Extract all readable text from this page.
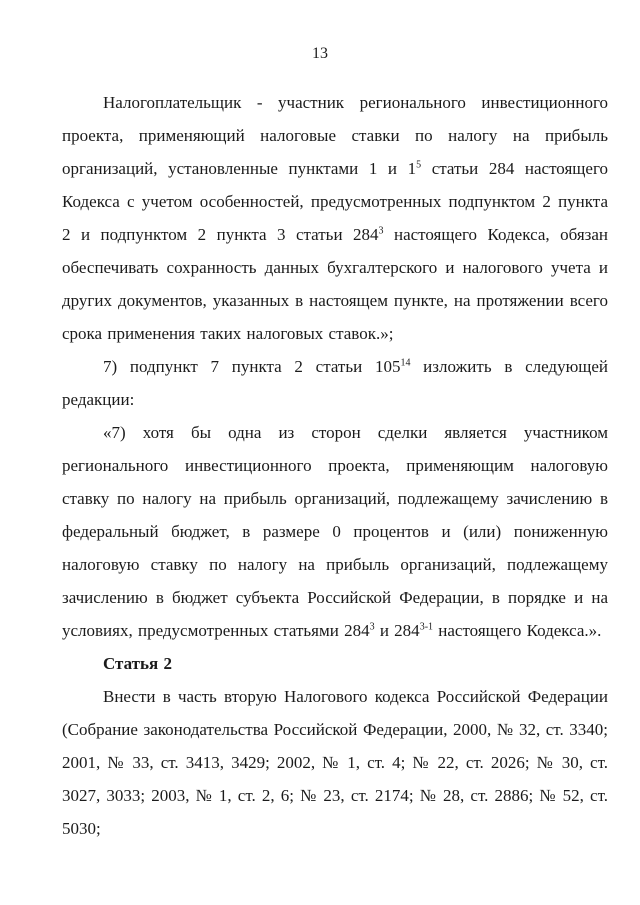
13

Налогоплательщик - участник регионального инвестиционного проекта, применяющий налоговые ставки по налогу на прибыль организаций, установленные пунктами 1 и $1^5$ статьи 284 настоящего Кодекса с учетом особенностей, предусмотренных подпунктом 2 пункта 2 и подпунктом 2 пункта 3 статьи $284^3$ настоящего Кодекса, обязан обеспечивать сохранность данных бухгалтерского и налогового учета и других документов, указанных в настоящем пункте, на протяжении всего срока применения таких налоговых ставок.»;

7) подпункт 7 пункта 2 статьи $105^{14}$ изложить в следующей редакции:

«7) хотя бы одна из сторон сделки является участником регионального инвестиционного проекта, применяющим налоговую ставку по налогу на прибыль организаций, подлежащему зачислению в федеральный бюджет, в размере 0 процентов и (или) пониженную налоговую ставку по налогу на прибыль организаций, подлежащему зачислению в бюджет субъекта Российской Федерации, в порядке и на условиях, предусмотренных статьями $284^3$ и 284$^{3-1}$ настоящего Кодекса.».

Статья 2

Внести в часть вторую Налогового кодекса Российской Федерации (Собрание законодательства Российской Федерации, 2000, № 32, ст. 3340; 2001, № 33, ст. 3413, 3429; 2002, № 1, ст. 4; № 22, ст. 2026; № 30, ст. 3027, 3033; 2003, № 1, ст. 2, 6; № 23, ст. 2174; № 28, ст. 2886; № 52, ст. 5030;
